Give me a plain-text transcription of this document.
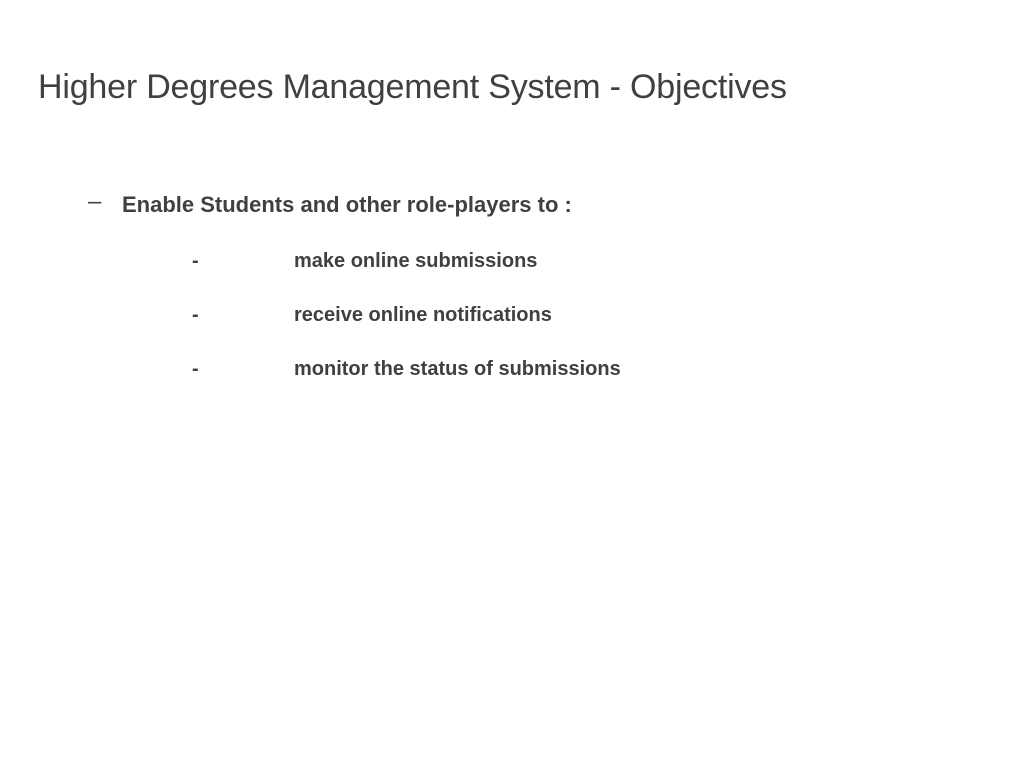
Higher Degrees Management System - Objectives
– Enable Students and other role-players to :
-	make online submissions
-	receive online notifications
-	monitor the status of submissions
